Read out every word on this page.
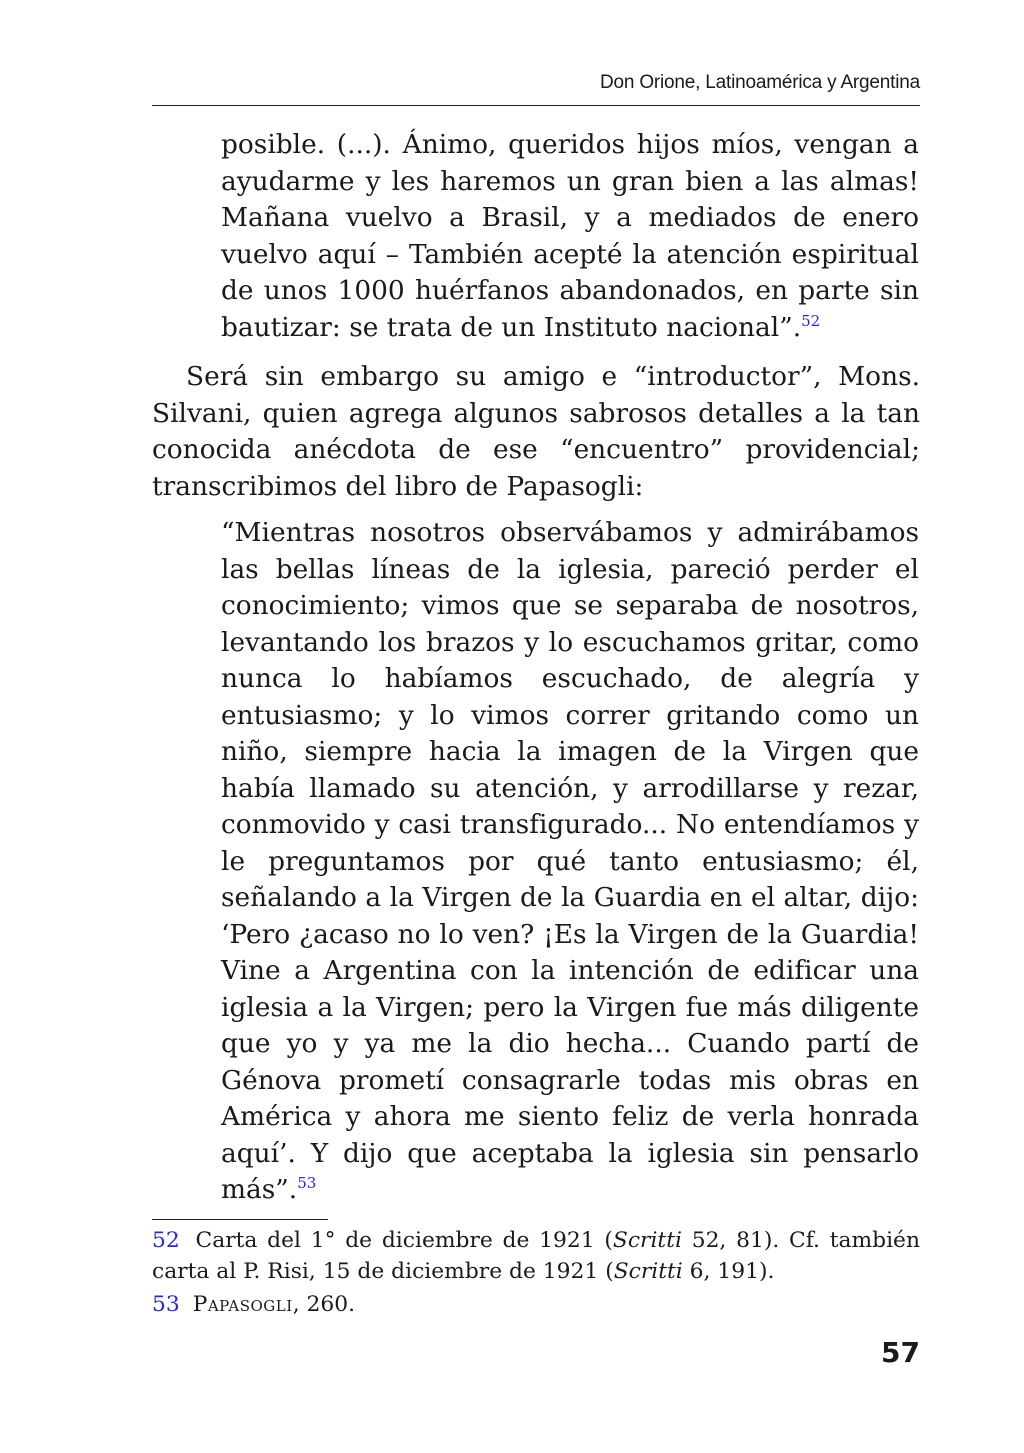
Don Orione, Latinoamérica y Argentina
posible. (...). Ánimo, queridos hijos míos, vengan a ayudarme y les haremos un gran bien a las almas! Mañana vuelvo a Brasil, y a mediados de enero vuelvo aquí – También acepté la atención espiritual de unos 1000 huérfanos abandonados, en parte sin bautizar: se trata de un Instituto nacional”.$^{52}$
Será sin embargo su amigo e “introductor”, Mons. Silvani, quien agrega algunos sabrosos detalles a la tan conocida anécdota de ese “encuentro” providencial; transcribimos del libro de Papasogli:
“Mientras nosotros observábamos y admirábamos las bellas líneas de la iglesia, pareció perder el conocimiento; vimos que se separaba de nosotros, levantando los brazos y lo escuchamos gritar, como nunca lo habíamos escuchado, de alegría y entusiasmo; y lo vimos correr gritando como un niño, siempre hacia la imagen de la Virgen que había llamado su atención, y arrodillarse y rezar, conmovido y casi transfigurado... No entendíamos y le preguntamos por qué tanto entusiasmo; él, señalando a la Virgen de la Guardia en el altar, dijo: ‘Pero ¿acaso no lo ven? ¡Es la Virgen de la Guardia! Vine a Argentina con la intención de edificar una iglesia a la Virgen; pero la Virgen fue más diligente que yo y ya me la dio hecha... Cuando partí de Génova prometí consagrarle todas mis obras en América y ahora me siento feliz de verla honrada aquí’. Y dijo que aceptaba la iglesia sin pensarlo más”.$^{53}$
52 Carta del 1° de diciembre de 1921 (Scritti 52, 81). Cf. también carta al P. Risi, 15 de diciembre de 1921 (Scritti 6, 191).
53 Papasogli, 260.
57
